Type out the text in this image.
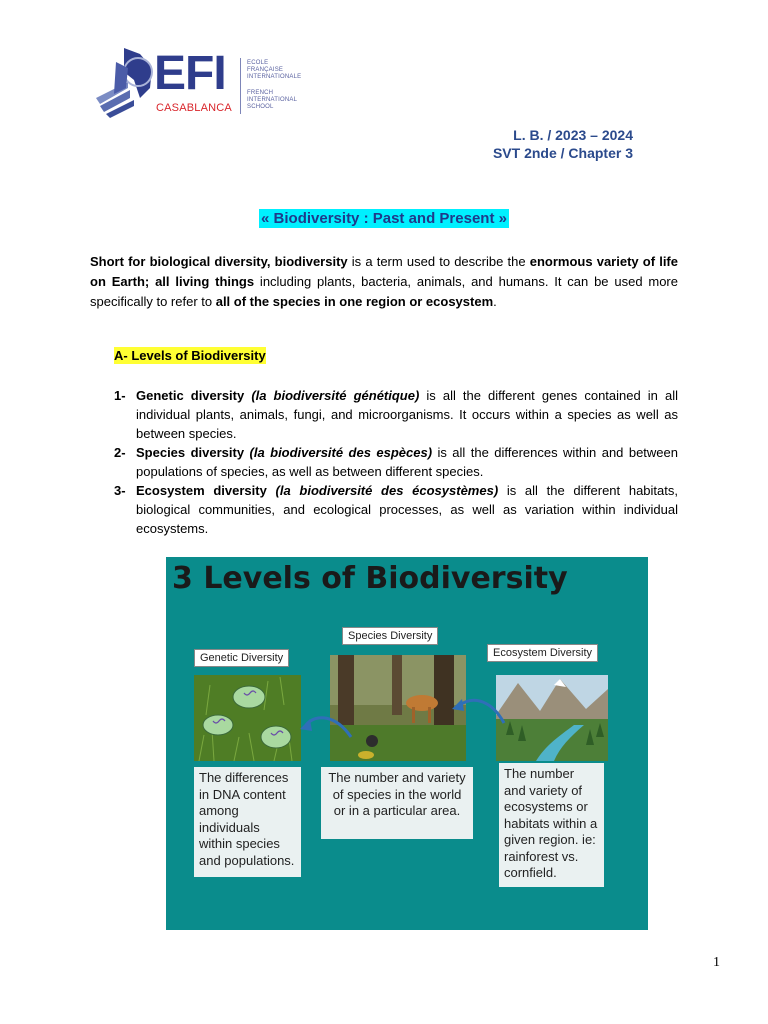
EFI
CASABLANCA
ECOLE
FRANÇAISE
INTERNATIONALE
FRENCH
INTERNATIONAL
SCHOOL
L. B. / 2023 – 2024
SVT 2nde / Chapter 3
« Biodiversity : Past and Present »
Short for biological diversity, biodiversity is a term used to describe the enormous variety of life on Earth; all living things including plants, bacteria, animals, and humans. It can be used more specifically to refer to all of the species in one region or ecosystem.
A- Levels of Biodiversity
1- Genetic diversity (la biodiversité génétique) is all the different genes contained in all individual plants, animals, fungi, and microorganisms. It occurs within a species as well as between species.
2- Species diversity (la biodiversité des espèces) is all the differences within and between populations of species, as well as between different species.
3- Ecosystem diversity (la biodiversité des écosystèmes) is all the different habitats, biological communities, and ecological processes, as well as variation within individual ecosystems.
3 Levels of Biodiversity
Genetic Diversity
Species Diversity
Ecosystem Diversity
The differences in DNA content among individuals within species and populations.
The number and variety of species in the world or in a particular area.
The number and variety of ecosystems or habitats within a given region. ie: rainforest vs. cornfield.
1
